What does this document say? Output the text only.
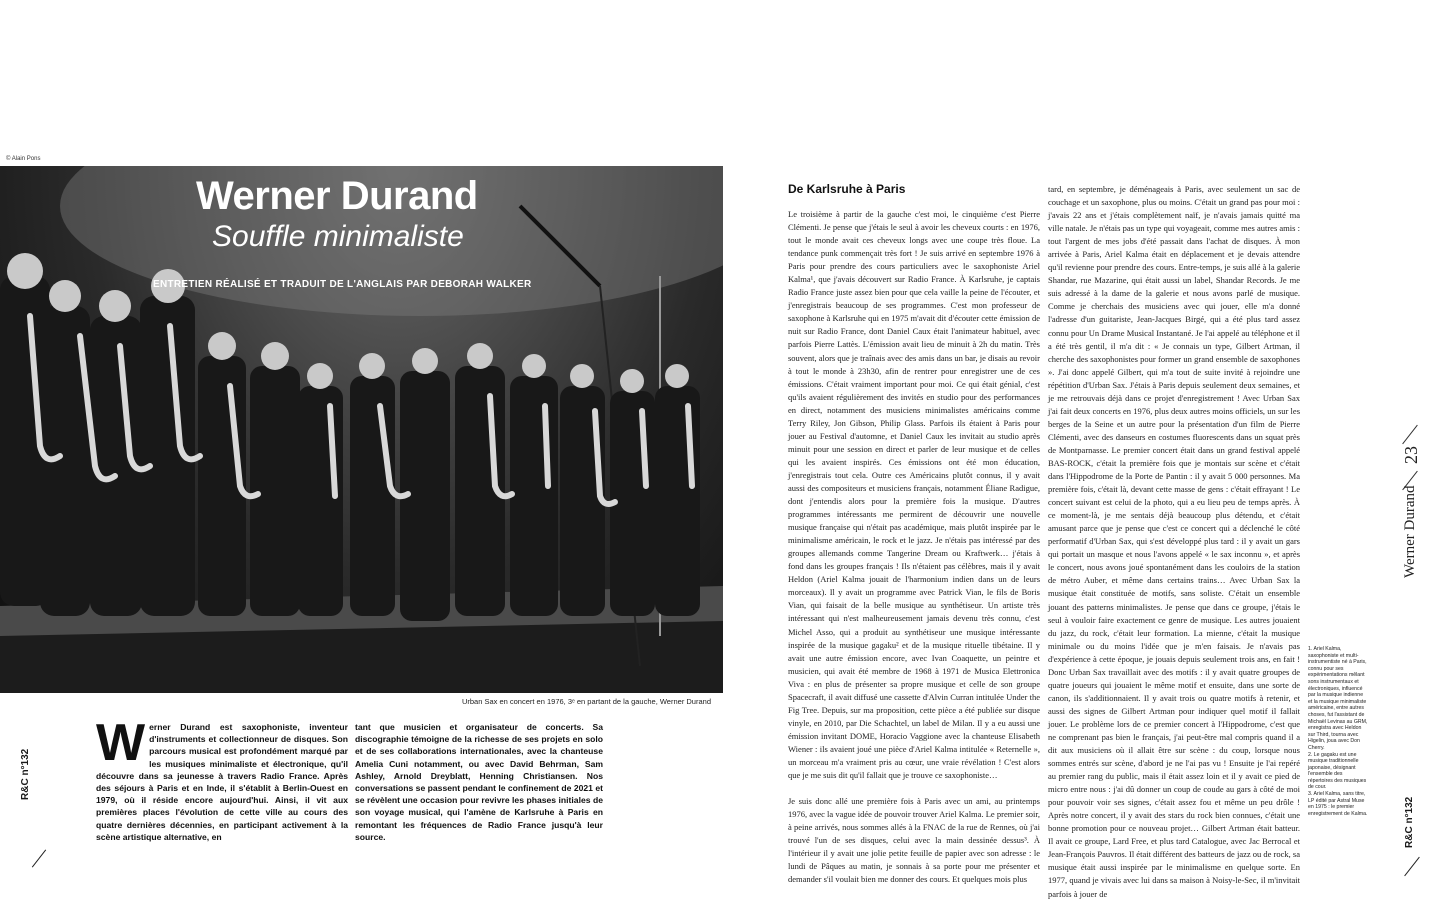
© Alain Pons
Werner Durand
Souffle minimaliste
ENTRETIEN RÉALISÉ ET TRADUIT DE L'ANGLAIS PAR DEBORAH WALKER
Urban Sax en concert en 1976, 3ᵉ en partant de la gauche, Werner Durand
Werner Durand est saxophoniste, inventeur d'instruments et collectionneur de disques. Son parcours musical est profondément marqué par les musiques minimaliste et électronique, qu'il découvre dans sa jeunesse à travers Radio France. Après des séjours à Paris et en Inde, il s'établit à Berlin-Ouest en 1979, où il réside encore aujourd'hui. Ainsi, il vit aux premières places l'évolution de cette ville au cours des quatre dernières décennies, en participant activement à la scène artistique alternative, en
tant que musicien et organisateur de concerts. Sa discographie témoigne de la richesse de ses projets en solo et de ses collaborations internationales, avec la chanteuse Amelia Cuni notamment, ou avec David Behrman, Sam Ashley, Arnold Dreyblatt, Henning Christiansen. Nos conversations se passent pendant le confinement de 2021 et se révèlent une occasion pour revivre les phases initiales de son voyage musical, qui l'amène de Karlsruhe à Paris en remontant les fréquences de Radio France jusqu'à leur source.
R&C n°132
De Karlsruhe à Paris

Le troisième à partir de la gauche c'est moi, le cinquième c'est Pierre Clémenti. Je pense que j'étais le seul à avoir les cheveux courts : en 1976, tout le monde avait ces cheveux longs avec une coupe très floue. La tendance punk commençait très fort ! Je suis arrivé en septembre 1976 à Paris pour prendre des cours particuliers avec le saxophoniste Ariel Kalma¹, que j'avais découvert sur Radio France. À Karlsruhe, je captais Radio France juste assez bien pour que cela vaille la peine de l'écouter, et j'enregistrais beaucoup de ses programmes. C'est mon professeur de saxophone à Karlsruhe qui en 1975 m'avait dit d'écouter cette émission de nuit sur Radio France, dont Daniel Caux était l'animateur habituel, avec parfois Pierre Lattès. L'émission avait lieu de minuit à 2h du matin. Très souvent, alors que je traînais avec des amis dans un bar, je disais au revoir à tout le monde à 23h30, afin de rentrer pour enregistrer une de ces émissions. C'était vraiment important pour moi. Ce qui était génial, c'est qu'ils avaient régulièrement des invités en studio pour des performances en direct, notamment des musiciens minimalistes américains comme Terry Riley, Jon Gibson, Philip Glass. Parfois ils étaient à Paris pour jouer au Festival d'automne, et Daniel Caux les invitait au studio après minuit pour une session en direct et parler de leur musique et de celles qui les avaient inspirés. Ces émissions ont été mon éducation, j'enregistrais tout cela. Outre ces Américains plutôt connus, il y avait aussi des compositeurs et musiciens français, notamment Éliane Radigue, dont j'entendis alors pour la première fois la musique. D'autres programmes intéressants me permirent de découvrir une nouvelle musique française qui n'était pas académique, mais plutôt inspirée par le minimalisme américain, le rock et le jazz. Je n'étais pas intéressé par des groupes allemands comme Tangerine Dream ou Kraftwerk… j'étais à fond dans les groupes français ! Ils n'étaient pas célèbres, mais il y avait Heldon (Ariel Kalma jouait de l'harmonium indien dans un de leurs morceaux). Il y avait un programme avec Patrick Vian, le fils de Boris Vian, qui faisait de la belle musique au synthétiseur. Un artiste très intéressant qui n'est malheureusement jamais devenu très connu, c'est Michel Asso, qui a produit au synthétiseur une musique intéressante inspirée de la musique gagaku² et de la musique rituelle tibétaine. Il y avait une autre émission encore, avec Ivan Coaquette, un peintre et musicien, qui avait été membre de 1968 à 1971 de Musica Elettronica Viva : en plus de présenter sa propre musique et celle de son groupe Spacecraft, il avait diffusé une cassette d'Alvin Curran intitulée Under the Fig Tree. Depuis, sur ma proposition, cette pièce a été publiée sur disque vinyle, en 2010, par Die Schachtel, un label de Milan. Il y a eu aussi une émission invitant DOME, Horacio Vaggione avec la chanteuse Elisabeth Wiener : ils avaient joué une pièce d'Ariel Kalma intitulée « Reternelle », un morceau m'a vraiment pris au cœur, une vraie révélation ! C'est alors que je me suis dit qu'il fallait que je trouve ce saxophoniste…

Je suis donc allé une première fois à Paris avec un ami, au printemps 1976, avec la vague idée de pouvoir trouver Ariel Kalma. Le premier soir, à peine arrivés, nous sommes allés à la FNAC de la rue de Rennes, où j'ai trouvé l'un de ses disques, celui avec la main dessinée dessus³. À l'intérieur il y avait une jolie petite feuille de papier avec son adresse : le lundi de Pâques au matin, je sonnais à sa porte pour me présenter et demander s'il voulait bien me donner des cours. Et quelques mois plus

tard, en septembre, je déménageais à Paris, avec seulement un sac de couchage et un saxophone, plus ou moins. C'était un grand pas pour moi : j'avais 22 ans et j'étais complètement naïf, je n'avais jamais quitté ma ville natale. Je n'étais pas un type qui voyageait, comme mes autres amis : tout l'argent de mes jobs d'été passait dans l'achat de disques. À mon arrivée à Paris, Ariel Kalma était en déplacement et je devais attendre qu'il revienne pour prendre des cours. Entre-temps, je suis allé à la galerie Shandar, rue Mazarine, qui était aussi un label, Shandar Records. Je me suis adressé à la dame de la galerie et nous avons parlé de musique. Comme je cherchais des musiciens avec qui jouer, elle m'a donné l'adresse d'un guitariste, Jean-Jacques Birgé, qui a été plus tard assez connu pour Un Drame Musical Instantané. Je l'ai appelé au téléphone et il a été très gentil, il m'a dit : « Je connais un type, Gilbert Artman, il cherche des saxophonistes pour former un grand ensemble de saxophones ». J'ai donc appelé Gilbert, qui m'a tout de suite invité à rejoindre une répétition d'Urban Sax. J'étais à Paris depuis seulement deux semaines, et je me retrouvais déjà dans ce projet d'enregistrement ! Avec Urban Sax j'ai fait deux concerts en 1976, plus deux autres moins officiels, un sur les berges de la Seine et un autre pour la présentation d'un film de Pierre Clémenti, avec des danseurs en costumes fluorescents dans un squat près de Montparnasse. Le premier concert était dans un grand festival appelé BAS-ROCK, c'était la première fois que je montais sur scène et c'était dans l'Hippodrome de la Porte de Pantin : il y avait 5 000 personnes. Ma première fois, c'était là, devant cette masse de gens : c'était effrayant ! Le concert suivant est celui de la photo, qui a eu lieu peu de temps après. À ce moment-là, je me sentais déjà beaucoup plus détendu, et c'était amusant parce que je pense que c'est ce concert qui a déclenché le côté performatif d'Urban Sax, qui s'est développé plus tard : il y avait un gars qui portait un masque et nous l'avons appelé « le sax inconnu », et après le concert, nous avons joué spontanément dans les couloirs de la station de métro Auber, et même dans certains trains… Avec Urban Sax la musique était constituée de motifs, sans soliste. C'était un ensemble jouant des patterns minimalistes. Je pense que dans ce groupe, j'étais le seul à vouloir faire exactement ce genre de musique. Les autres jouaient du jazz, du rock, c'était leur formation. La mienne, c'était la musique minimale ou du moins l'idée que je m'en faisais. Je n'avais pas d'expérience à cette époque, je jouais depuis seulement trois ans, en fait ! Donc Urban Sax travaillait avec des motifs : il y avait quatre groupes de quatre joueurs qui jouaient le même motif et ensuite, dans une sorte de canon, ils s'additionnaient. Il y avait trois ou quatre motifs à retenir, et aussi des signes de Gilbert Artman pour indiquer quel motif il fallait jouer. Le problème lors de ce premier concert à l'Hippodrome, c'est que ne comprenant pas bien le français, j'ai peut-être mal compris quand il a dit aux musiciens où il allait être sur scène : du coup, lorsque nous sommes entrés sur scène, d'abord je ne l'ai pas vu ! Ensuite je l'ai repéré au premier rang du public, mais il était assez loin et il y avait ce pied de micro entre nous : j'ai dû donner un coup de coude au gars à côté de moi pour pouvoir voir ses signes, c'était assez fou et même un peu drôle ! Après notre concert, il y avait des stars du rock bien connues, c'était une bonne promotion pour ce nouveau projet… Gilbert Artman était batteur. Il avait ce groupe, Lard Free, et plus tard Catalogue, avec Jac Berrocal et Jean-François Pauvros. Il était différent des batteurs de jazz ou de rock, sa musique était aussi inspirée par le minimalisme en quelque sorte. En 1977, quand je vivais avec lui dans sa maison à Noisy-le-Sec, il m'invitait parfois à jouer de

1. Ariel Kalma, saxophoniste et multi-instrumentiste né à Paris, connu pour ses expérimentations mêlant sons instrumentaux et électroniques, influencé par la musique indienne et la musique minimaliste américaine, entre autres choses, fut l'assistant de Michaël Levinas au GRM, enregistra avec Heldon sur Third, tourna avec Higelin, joua avec Don Cherry.

2. Le gagaku est une musique traditionnelle japonaise, désignant l'ensemble des répertoires des musiques de cour.

3. Ariel Kalma, sans titre, LP édité par Astral Muse en 1975 : le premier enregistrement de Kalma.

23
Werner Durand
R&C n°132
